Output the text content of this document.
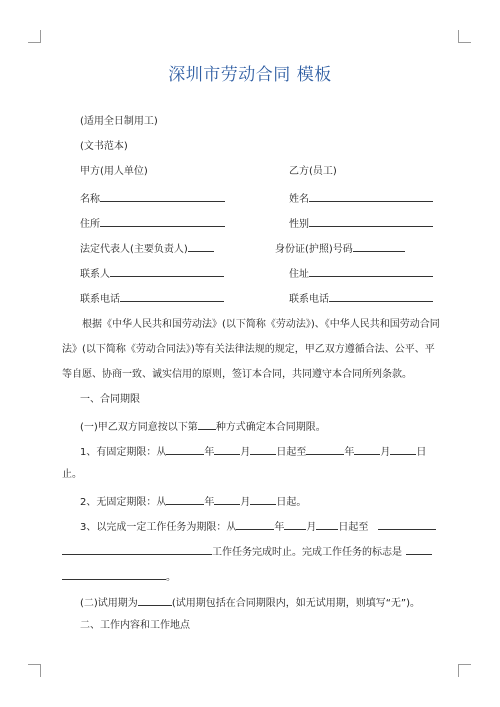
深圳市劳动合同 模板
(适用全日制用工)
(文书范本)
甲方(用人单位)	乙方(员工)
名称	姓名
住所	性别
法定代表人(主要负责人)	身份证(护照)号码
联系人	住址
联系电话	联系电话
根据《中华人民共和国劳动法》(以下简称《劳动法》)、《中华人民共和国劳动合同法》(以下简称《劳动合同法》)等有关法律法规的规定，甲乙双方遵循合法、公平、平等自愿、协商一致、诚实信用的原则，签订本合同，共同遵守本合同所列条款。
一、合同期限
(一)甲乙双方同意按以下第 种方式确定本合同期限。
1、有固定期限：从	年	月	日起至	年	月	日
止。
2、无固定期限：从	年	月	日起。
3、以完成一定工作任务为期限：从	年 月 日起至
工作任务完成时止。完成工作任务的标志是
。
(二)试用期为	(试用期包括在合同期限内，如无试用期，则填写“无”)。
二、工作内容和工作地点
